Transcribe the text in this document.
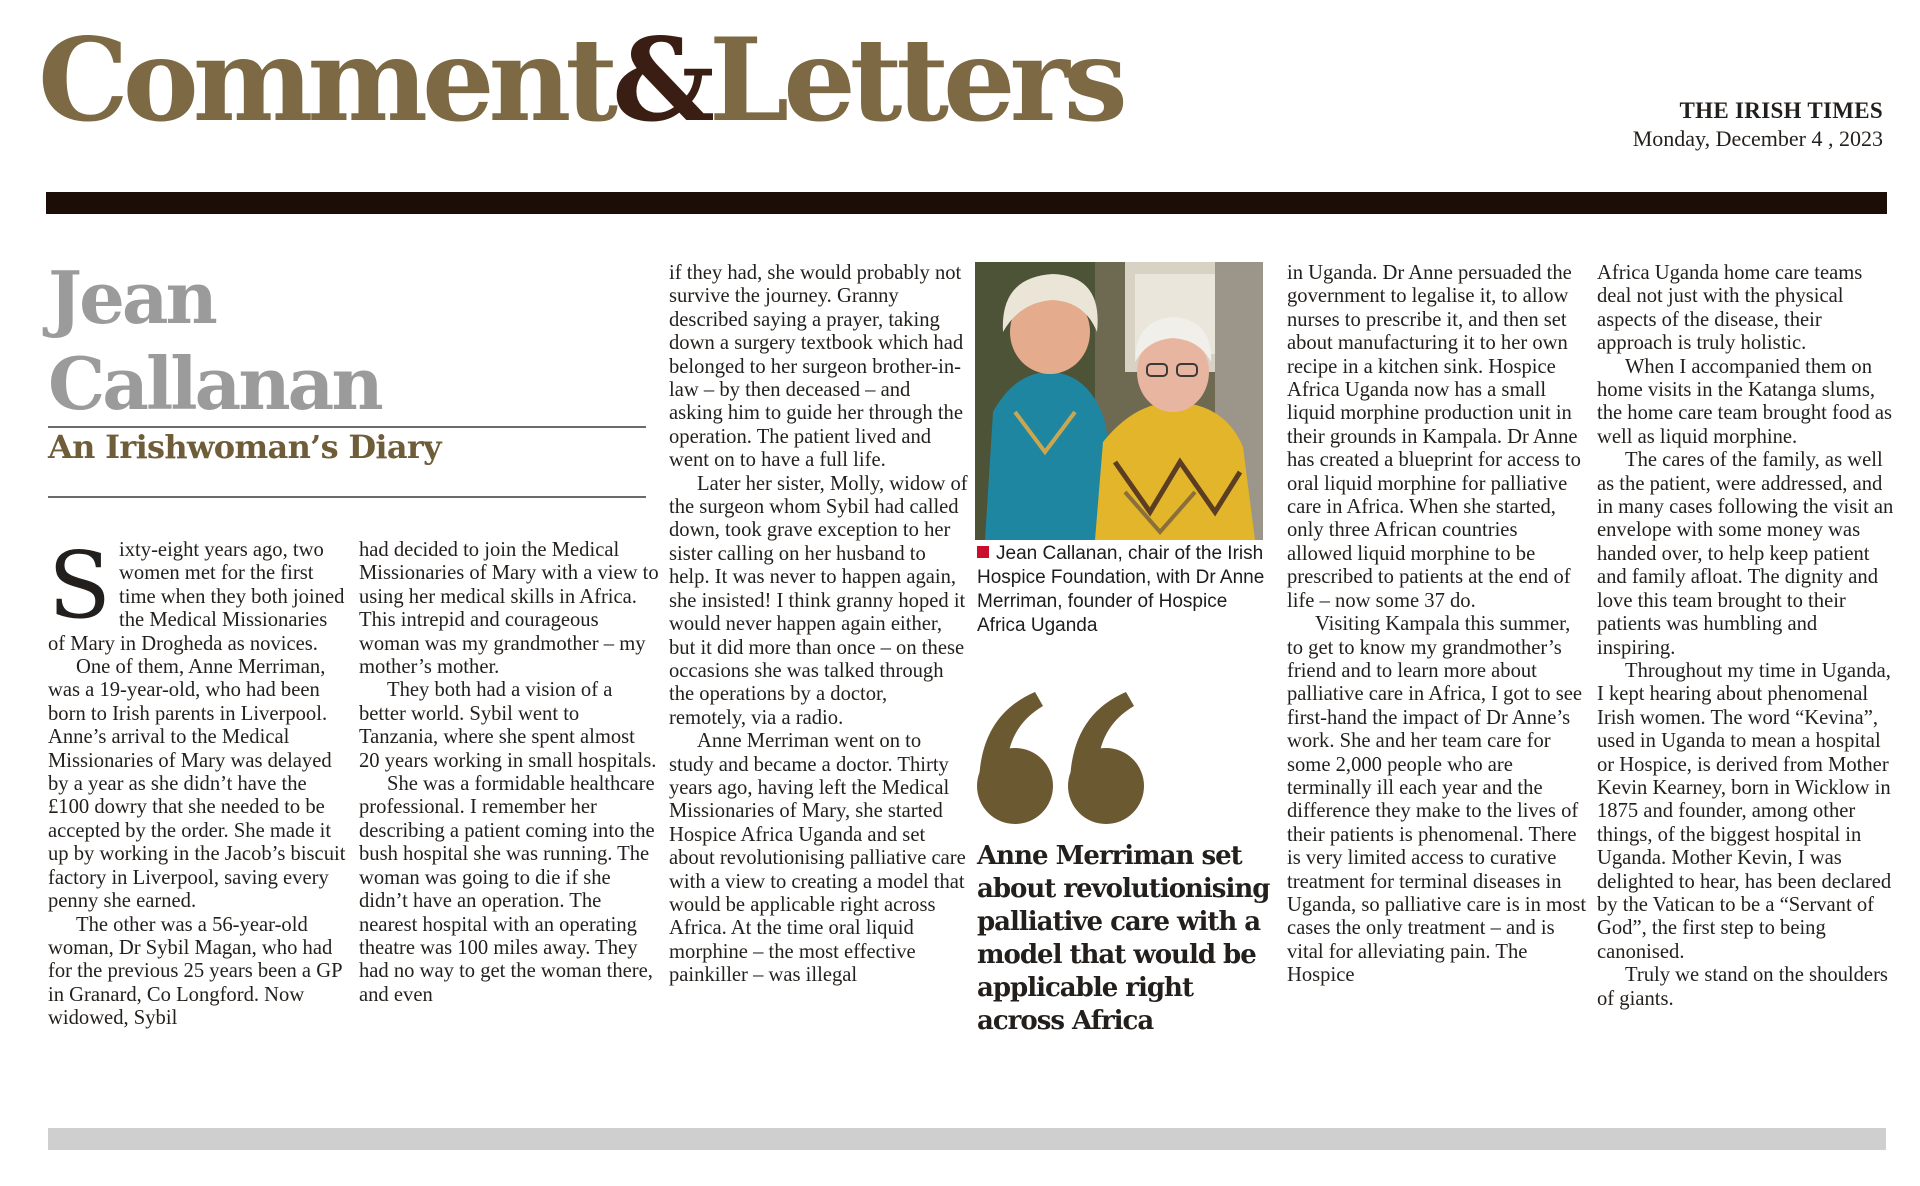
Comment&Letters	THE IRISH TIMES
Monday, December 4 , 2023
Jean
Callanan
An Irishwoman’s Diary

Sixty-eight years ago, two women met for the first time when they both joined the Medical Missionaries of Mary in Drogheda as novices.

One of them, Anne Merriman, was a 19-year-old, who had been born to Irish parents in Liverpool. Anne’s arrival to the Medical Missionaries of Mary was delayed by a year as she didn’t have the £100 dowry that she needed to be accepted by the order. She made it up by working in the Jacob’s biscuit factory in Liverpool, saving every penny she earned.

The other was a 56-year-old woman, Dr Sybil Magan, who had for the previous 25 years been a GP in Granard, Co Longford. Now widowed, Sybil

had decided to join the Medical Missionaries of Mary with a view to using her medical skills in Africa. This intrepid and courageous woman was my grandmother – my mother’s mother.

They both had a vision of a better world. Sybil went to Tanzania, where she spent almost 20 years working in small hospitals.

She was a formidable healthcare professional. I remember her describing a patient coming into the bush hospital she was running. The woman was going to die if she didn’t have an operation. The nearest hospital with an operating theatre was 100 miles away. They had no way to get the woman there, and even

if they had, she would probably not survive the journey. Granny described saying a prayer, taking down a surgery textbook which had belonged to her surgeon brother-in-law – by then deceased – and asking him to guide her through the operation. The patient lived and went on to have a full life.

Later her sister, Molly, widow of the surgeon whom Sybil had called down, took grave exception to her sister calling on her husband to help. It was never to happen again, she insisted! I think granny hoped it would never happen again either, but it did more than once – on these occasions she was talked through the operations by a doctor, remotely, via a radio.

Anne Merriman went on to study and became a doctor. Thirty years ago, having left the Medical Missionaries of Mary, she started Hospice Africa Uganda and set about revolutionising palliative care with a view to creating a model that would be applicable right across Africa. At the time oral liquid morphine – the most effective painkiller – was illegal

Jean Callanan, chair of the Irish Hospice Foundation, with Dr Anne Merriman, founder of Hospice Africa Uganda

Anne Merriman set about revolutionising palliative care with a model that would be applicable right across Africa

in Uganda. Dr Anne persuaded the government to legalise it, to allow nurses to prescribe it, and then set about manufacturing it to her own recipe in a kitchen sink. Hospice Africa Uganda now has a small liquid morphine production unit in their grounds in Kampala. Dr Anne has created a blueprint for access to oral liquid morphine for palliative care in Africa. When she started, only three African countries allowed liquid morphine to be prescribed to patients at the end of life – now some 37 do.

Visiting Kampala this summer, to get to know my grandmother’s friend and to learn more about palliative care in Africa, I got to see first-hand the impact of Dr Anne’s work. She and her team care for some 2,000 people who are terminally ill each year and the difference they make to the lives of their patients is phenomenal. There is very limited access to curative treatment for terminal diseases in Uganda, so palliative care is in most cases the only treatment – and is vital for alleviating pain. The Hospice

Africa Uganda home care teams deal not just with the physical aspects of the disease, their approach is truly holistic.

When I accompanied them on home visits in the Katanga slums, the home care team brought food as well as liquid morphine.

The cares of the family, as well as the patient, were addressed, and in many cases following the visit an envelope with some money was handed over, to help keep patient and family afloat. The dignity and love this team brought to their patients was humbling and inspiring.

Throughout my time in Uganda, I kept hearing about phenomenal Irish women. The word “Kevina”, used in Uganda to mean a hospital or Hospice, is derived from Mother Kevin Kearney, born in Wicklow in 1875 and founder, among other things, of the biggest hospital in Uganda. Mother Kevin, I was delighted to hear, has been declared by the Vatican to be a “Servant of God”, the first step to being canonised.

Truly we stand on the shoulders of giants.
